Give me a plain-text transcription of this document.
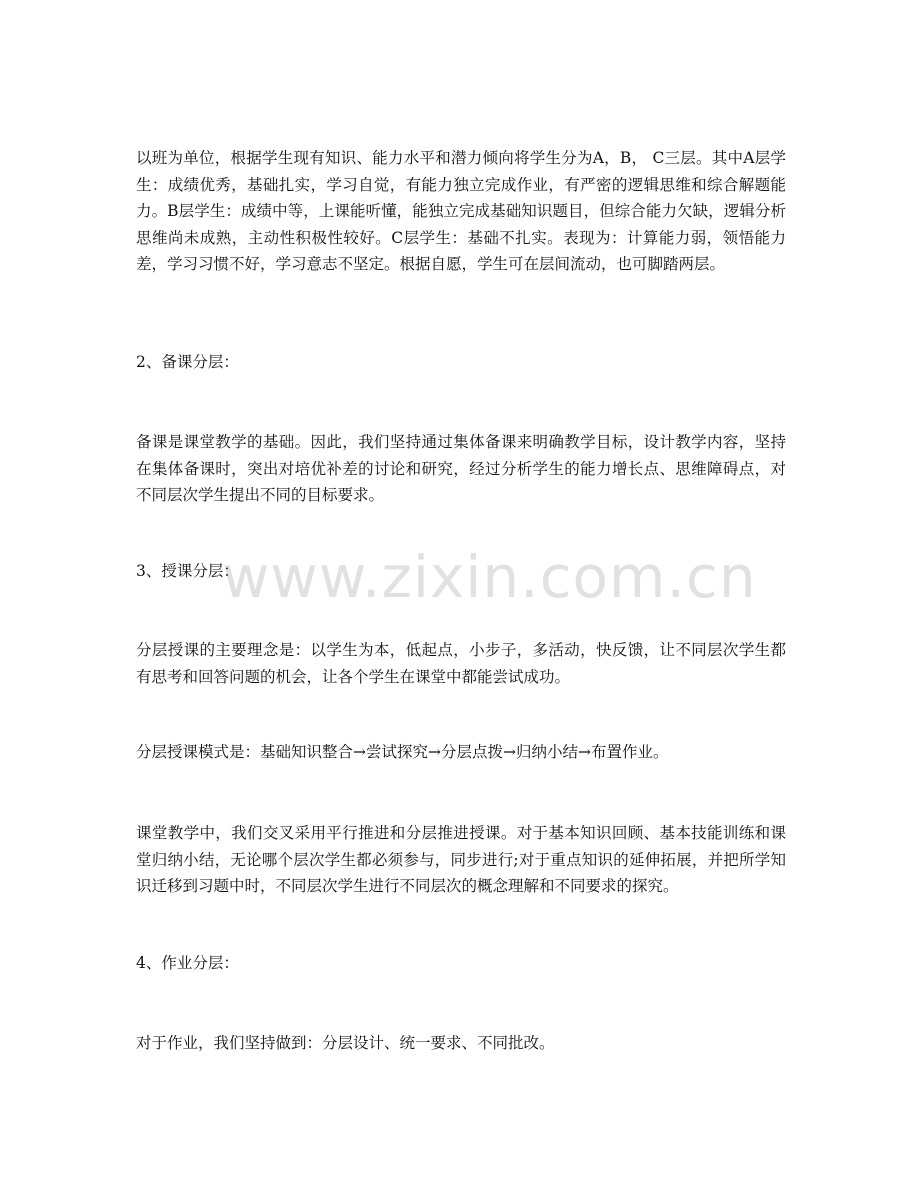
以班为单位，根据学生现有知识、能力水平和潜力倾向将学生分为A，B， C三层。其中A层学生：成绩优秀，基础扎实，学习自觉，有能力独立完成作业，有严密的逻辑思维和综合解题能力。B层学生：成绩中等，上课能听懂，能独立完成基础知识题目，但综合能力欠缺，逻辑分析思维尚未成熟，主动性积极性较好。C层学生：基础不扎实。表现为：计算能力弱，领悟能力差，学习习惯不好，学习意志不坚定。根据自愿，学生可在层间流动，也可脚踏两层。

2、备课分层：

备课是课堂教学的基础。因此，我们坚持通过集体备课来明确教学目标，设计教学内容，坚持在集体备课时，突出对培优补差的讨论和研究，经过分析学生的能力增长点、思维障碍点，对不同层次学生提出不同的目标要求。

3、授课分层：

分层授课的主要理念是：以学生为本，低起点，小步子，多活动，快反馈，让不同层次学生都有思考和回答问题的机会，让各个学生在课堂中都能尝试成功。

分层授课模式是：基础知识整合→尝试探究→分层点拨→归纳小结→布置作业。

课堂教学中，我们交叉采用平行推进和分层推进授课。对于基本知识回顾、基本技能训练和课堂归纳小结，无论哪个层次学生都必须参与，同步进行;对于重点知识的延伸拓展，并把所学知识迁移到习题中时，不同层次学生进行不同层次的概念理解和不同要求的探究。

4、作业分层：

对于作业，我们坚持做到：分层设计、统一要求、不同批改。

www.zixin.com.cn
